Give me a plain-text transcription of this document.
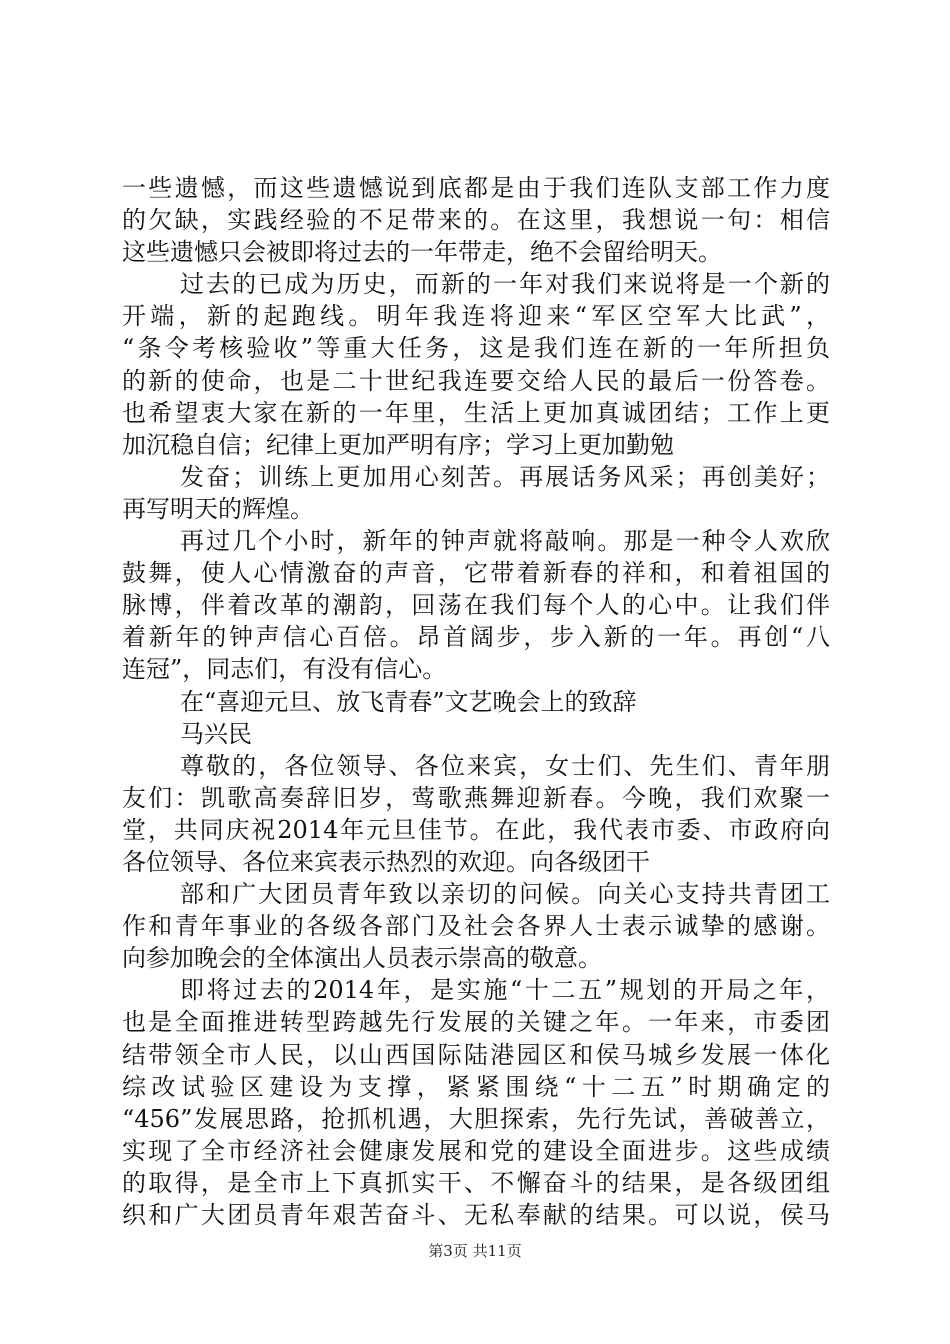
一些遗憾，而这些遗憾说到底都是由于我们连队支部工作力度
的欠缺，实践经验的不足带来的。在这里，我想说一句：相信
这些遗憾只会被即将过去的一年带走，绝不会留给明天。
过去的已成为历史，而新的一年对我们来说将是一个新的
开端，新的起跑线。明年我连将迎来“军区空军大比武”，
“条令考核验收”等重大任务，这是我们连在新的一年所担负
的新的使命，也是二十世纪我连要交给人民的最后一份答卷。
也希望衷大家在新的一年里，生活上更加真诚团结；工作上更
加沉稳自信；纪律上更加严明有序；学习上更加勤勉
发奋；训练上更加用心刻苦。再展话务风采；再创美好；
再写明天的辉煌。
再过几个小时，新年的钟声就将敲响。那是一种令人欢欣
鼓舞，使人心情激奋的声音，它带着新春的祥和，和着祖国的
脉博，伴着改革的潮韵，回荡在我们每个人的心中。让我们伴
着新年的钟声信心百倍。昂首阔步，步入新的一年。再创“八
连冠”，同志们，有没有信心。
在“喜迎元旦、放飞青春”文艺晚会上的致辞
马兴民
尊敬的，各位领导、各位来宾，女士们、先生们、青年朋
友们：凯歌高奏辞旧岁，莺歌燕舞迎新春。今晚，我们欢聚一
堂，共同庆祝2014年元旦佳节。在此，我代表市委、市政府向
各位领导、各位来宾表示热烈的欢迎。向各级团干
部和广大团员青年致以亲切的问候。向关心支持共青团工
作和青年事业的各级各部门及社会各界人士表示诚挚的感谢。
向参加晚会的全体演出人员表示崇高的敬意。
即将过去的2014年，是实施“十二五”规划的开局之年，
也是全面推进转型跨越先行发展的关键之年。一年来，市委团
结带领全市人民，以山西国际陆港园区和侯马城乡发展一体化
综改试验区建设为支撑，紧紧围绕“十二五”时期确定的
“456”发展思路，抢抓机遇，大胆探索，先行先试，善破善立，
实现了全市经济社会健康发展和党的建设全面进步。这些成绩
的取得，是全市上下真抓实干、不懈奋斗的结果，是各级团组
织和广大团员青年艰苦奋斗、无私奉献的结果。可以说，侯马
第3页 共11页
